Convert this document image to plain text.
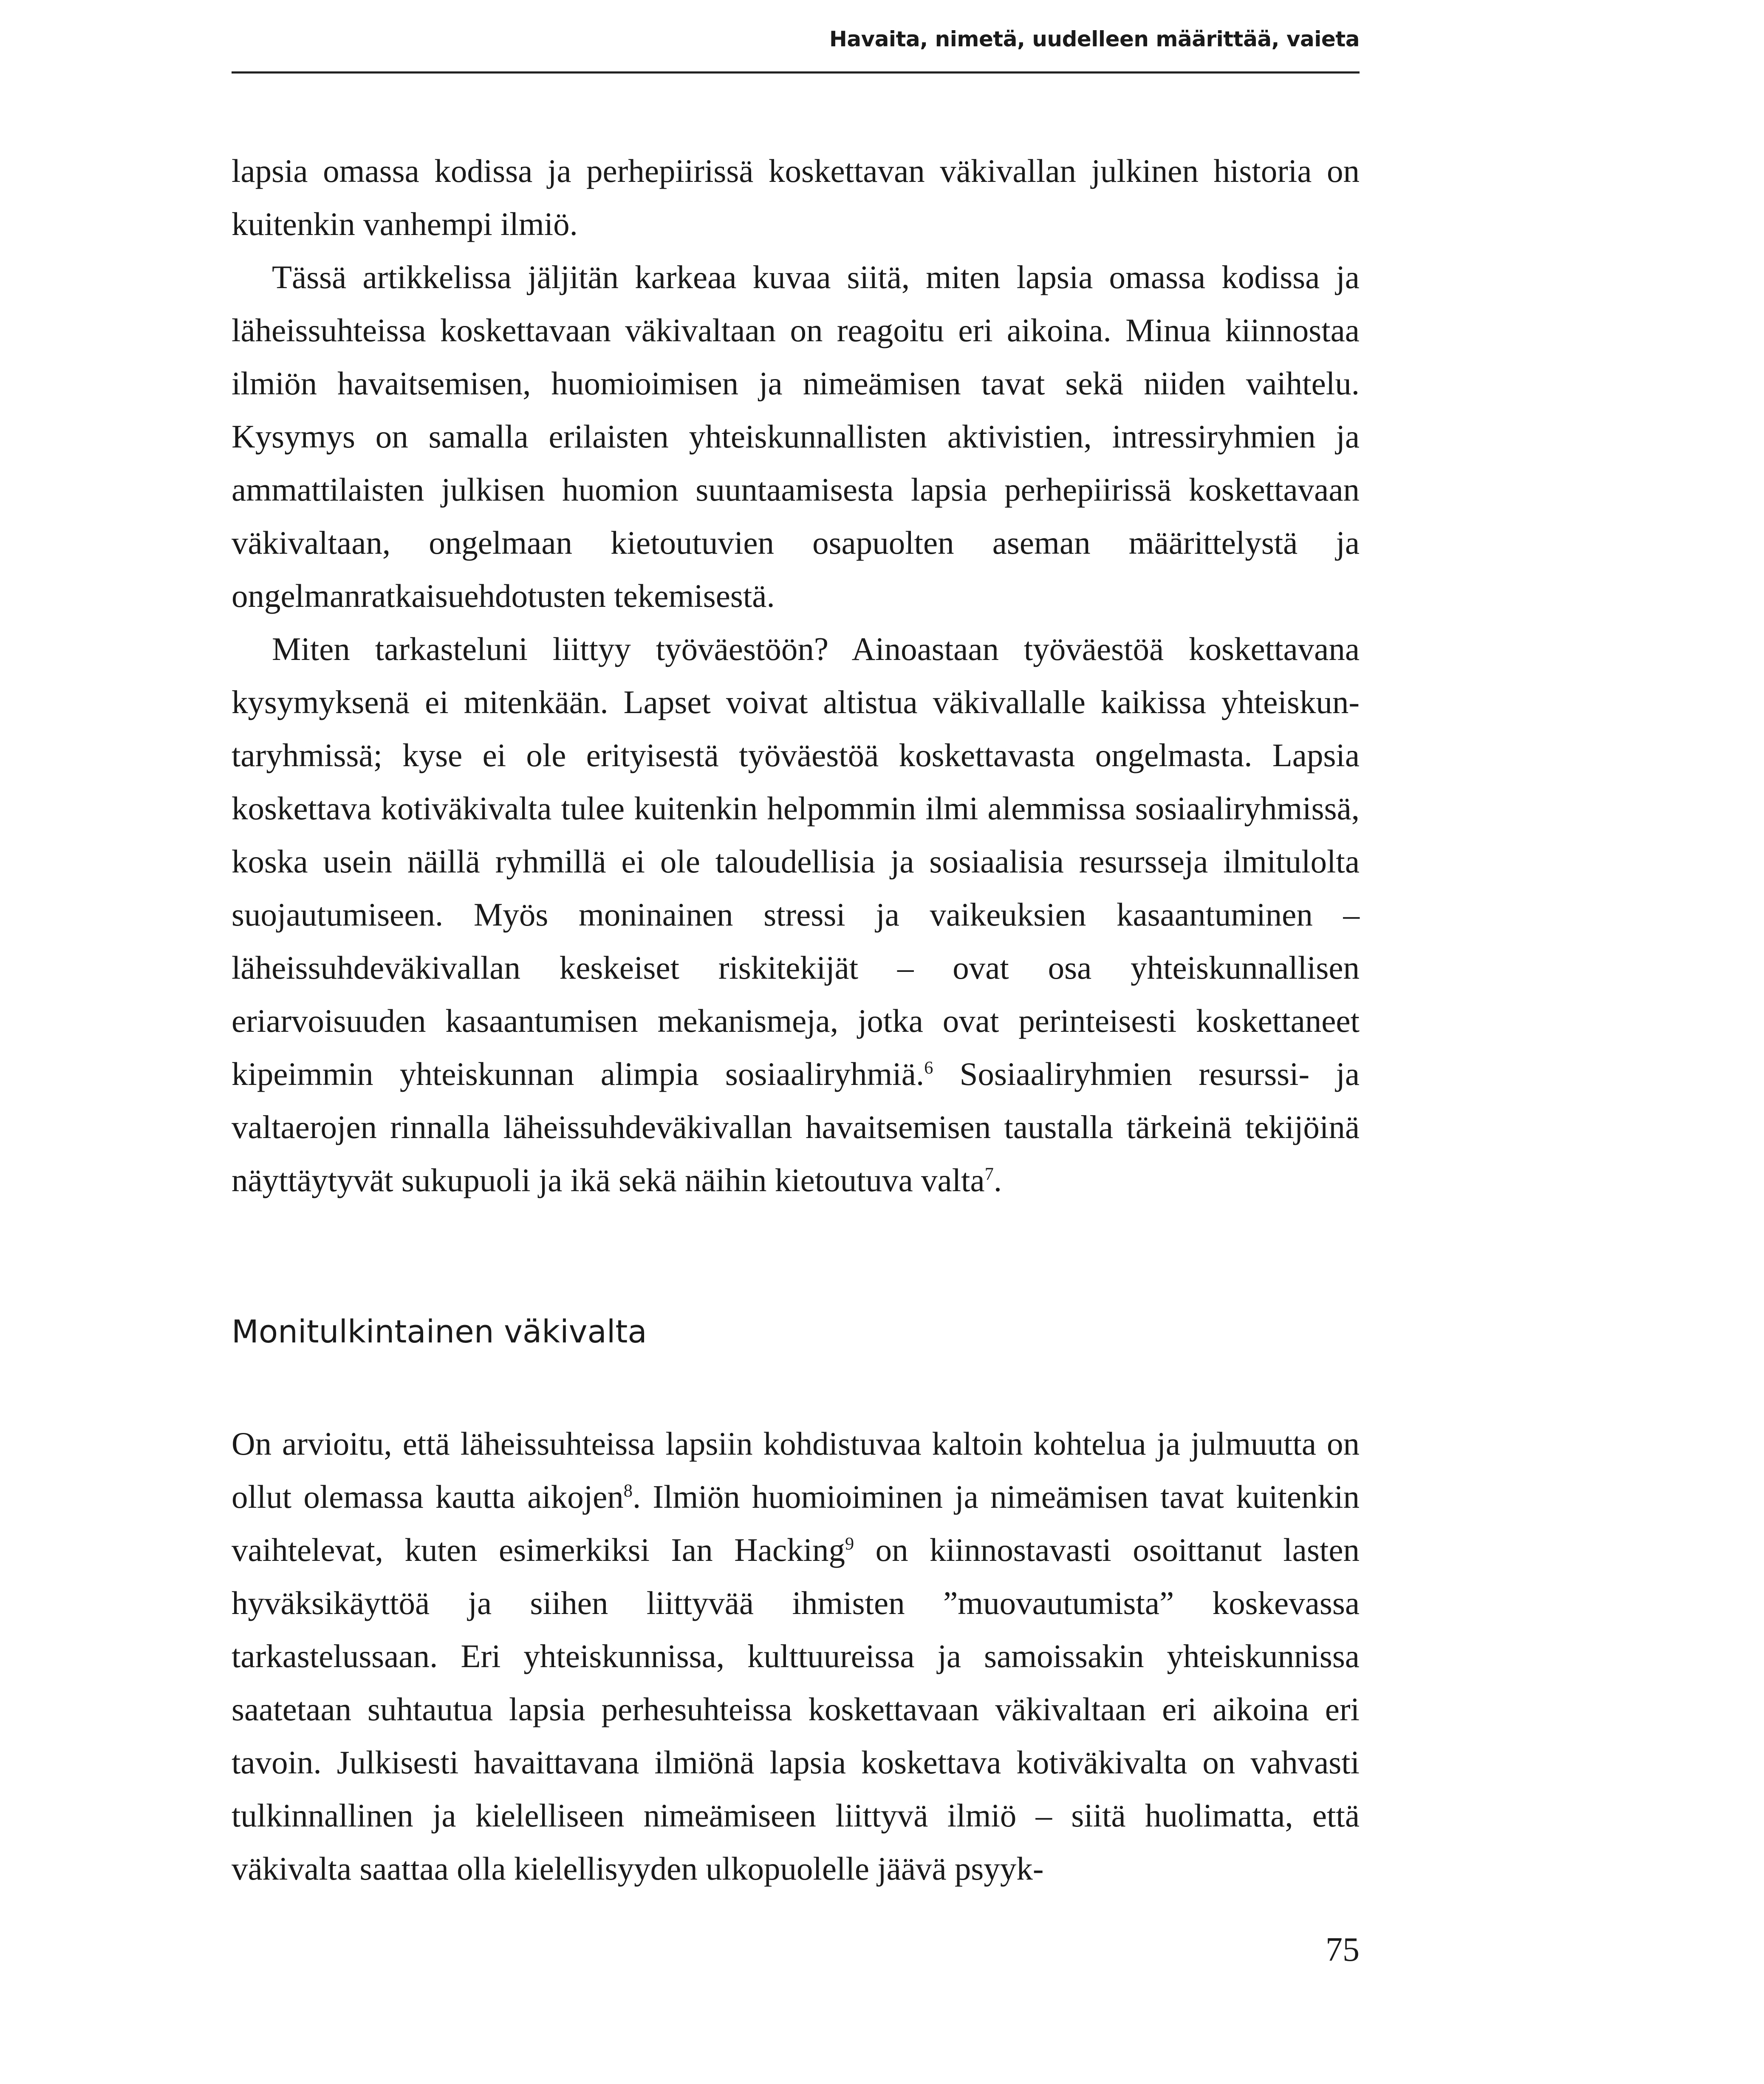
Havaita, nimetä, uudelleen määrittää, vaieta

lapsia omassa kodissa ja perhepiirissä koskettavan väkivallan julkinen historia on kuitenkin vanhempi ilmiö.

Tässä artikkelissa jäljitän karkeaa kuvaa siitä, miten lapsia omassa kodissa ja läheissuhteissa koskettavaan väkivaltaan on reagoitu eri aikoina. Minua kiinnostaa ilmiön havaitsemisen, huomioimisen ja nimeämisen tavat sekä niiden vaihtelu. Kysymys on samalla erilaisten yhteiskunnallisten aktivistien, intressiryhmien ja ammattilaisten julkisen huomion suuntaamisesta lapsia perhepiirissä koskettavaan väkivaltaan, ongelmaan kietoutuvien osapuolten aseman määrittelystä ja ongelmanratkaisuehdotusten tekemisestä.

Miten tarkasteluni liittyy työväestöön? Ainoastaan työväestöä koskettavana kysymyksenä ei mitenkään. Lapset voivat altistua väkivallalle kaikissa yhteiskuntaryhmissä; kyse ei ole erityisestä työväestöä koskettavasta ongelmasta. Lapsia koskettava kotiväkivalta tulee kuitenkin helpommin ilmi alemmissa sosiaaliryhmissä, koska usein näillä ryhmillä ei ole taloudellisia ja sosiaalisia resursseja ilmitulolta suojautumiseen. Myös moninainen stressi ja vaikeuksien kasaantuminen – läheissuhdeväkivallan keskeiset riskitekijät – ovat osa yhteiskunnallisen eriarvoisuuden kasaantumisen mekanismeja, jotka ovat perinteisesti koskettaneet kipeimmin yhteiskunnan alimpia sosiaaliryhmiä.$^6$ Sosiaaliryhmien resurssi- ja valtaerojen rinnalla läheissuhdeväkivallan havaitsemisen taustalla tärkeinä tekijöinä näyttäytyvät sukupuoli ja ikä sekä näihin kietoutuva valta$^7$.

Monitulkintainen väkivalta

On arvioitu, että läheissuhteissa lapsiin kohdistuvaa kaltoin kohtelua ja julmuutta on ollut olemassa kautta aikojen$^8$. Ilmiön huomioiminen ja nimeämisen tavat kuitenkin vaihtelevat, kuten esimerkiksi Ian Hacking$^9$ on kiinnostavasti osoittanut lasten hyväksikäyttöä ja siihen liittyvää ihmisten ”muovautumista” koskevassa tarkastelussaan. Eri yhteiskunnissa, kulttuureissa ja samoissakin yhteiskunnissa saatetaan suhtautua lapsia perhesuhteissa koskettavaan väkivaltaan eri aikoina eri tavoin. Julkisesti havaittavana ilmiönä lapsia koskettava kotiväkivalta on vahvasti tulkinnallinen ja kielelliseen nimeämiseen liittyvä ilmiö – siitä huolimatta, että väkivalta saattaa olla kielellisyyden ulkopuolelle jäävä psyyk-

75
